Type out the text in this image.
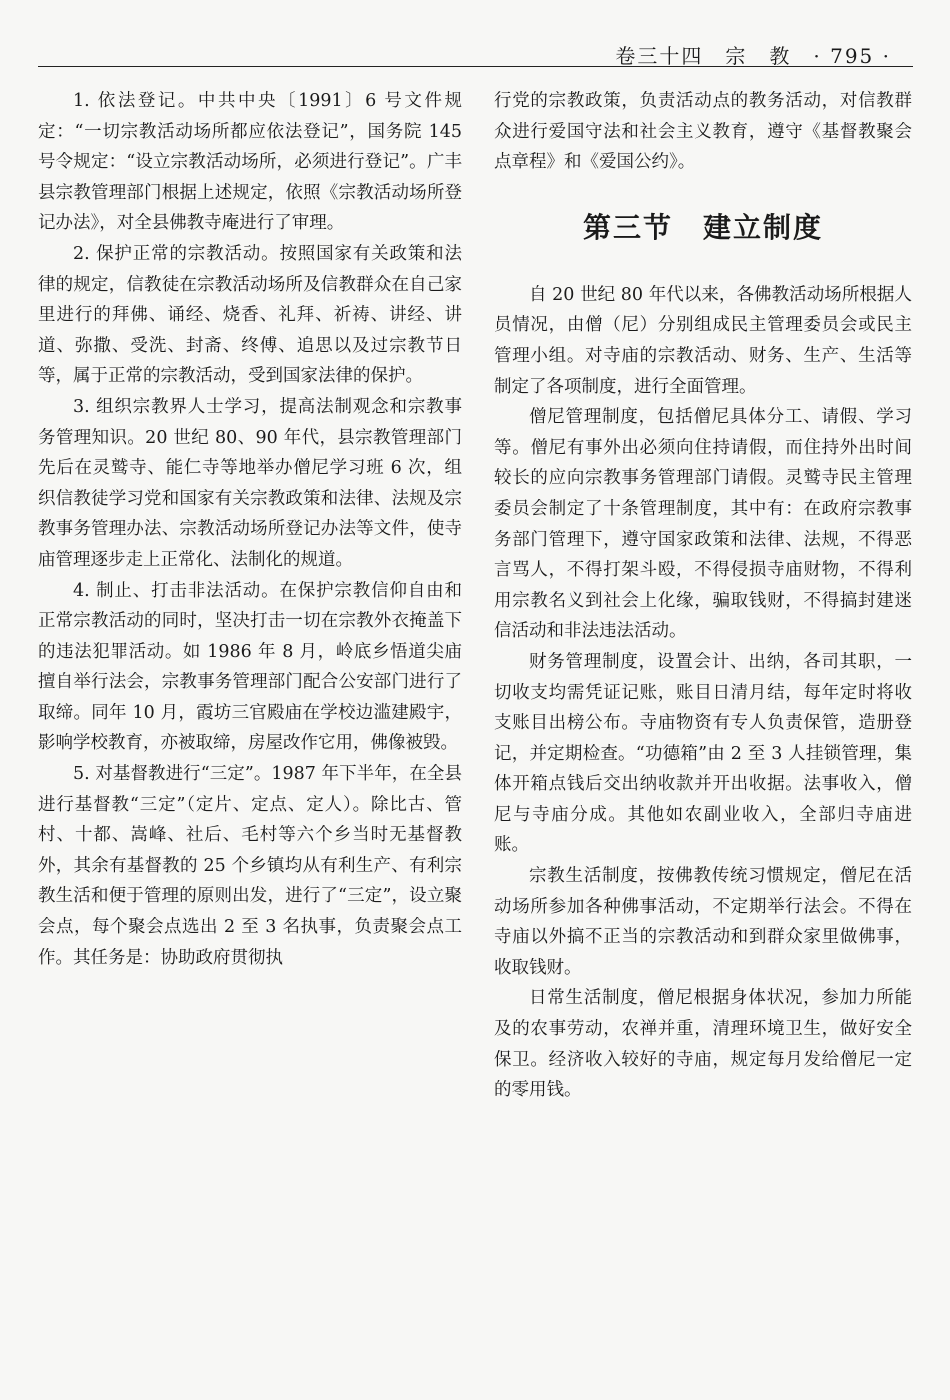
卷三十四　宗　教　· 795 ·

1. 依法登记。中共中央〔1991〕6 号文件规定：“一切宗教活动场所都应依法登记”，国务院 145 号令规定：“设立宗教活动场所，必须进行登记”。广丰县宗教管理部门根据上述规定，依照《宗教活动场所登记办法》，对全县佛教寺庵进行了审理。

2. 保护正常的宗教活动。按照国家有关政策和法律的规定，信教徒在宗教活动场所及信教群众在自己家里进行的拜佛、诵经、烧香、礼拜、祈祷、讲经、讲道、弥撒、受洗、封斋、终傅、追思以及过宗教节日等，属于正常的宗教活动，受到国家法律的保护。

3. 组织宗教界人士学习，提高法制观念和宗教事务管理知识。20 世纪 80、90 年代，县宗教管理部门先后在灵鹫寺、能仁寺等地举办僧尼学习班 6 次，组织信教徒学习党和国家有关宗教政策和法律、法规及宗教事务管理办法、宗教活动场所登记办法等文件，使寺庙管理逐步走上正常化、法制化的规道。

4. 制止、打击非法活动。在保护宗教信仰自由和正常宗教活动的同时，坚决打击一切在宗教外衣掩盖下的违法犯罪活动。如 1986 年 8 月，岭底乡悟道尖庙擅自举行法会，宗教事务管理部门配合公安部门进行了取缔。同年 10 月，霞坊三官殿庙在学校边滥建殿宇，影响学校教育，亦被取缔，房屋改作它用，佛像被毁。

5. 对基督教进行“三定”。1987 年下半年，在全县进行基督教“三定”（定片、定点、定人）。除比古、管村、十都、嵩峰、社后、毛村等六个乡当时无基督教外，其余有基督教的 25 个乡镇均从有利生产、有利宗教生活和便于管理的原则出发，进行了“三定”，设立聚会点，每个聚会点选出 2 至 3 名执事，负责聚会点工作。其任务是：协助政府贯彻执

行党的宗教政策，负责活动点的教务活动，对信教群众进行爱国守法和社会主义教育，遵守《基督教聚会点章程》和《爱国公约》。

第三节　建立制度

自 20 世纪 80 年代以来，各佛教活动场所根据人员情况，由僧（尼）分别组成民主管理委员会或民主管理小组。对寺庙的宗教活动、财务、生产、生活等制定了各项制度，进行全面管理。

僧尼管理制度，包括僧尼具体分工、请假、学习等。僧尼有事外出必须向住持请假，而住持外出时间较长的应向宗教事务管理部门请假。灵鹫寺民主管理委员会制定了十条管理制度，其中有：在政府宗教事务部门管理下，遵守国家政策和法律、法规，不得恶言骂人，不得打架斗殴，不得侵损寺庙财物，不得利用宗教名义到社会上化缘，骗取钱财，不得搞封建迷信活动和非法违法活动。

财务管理制度，设置会计、出纳，各司其职，一切收支均需凭证记账，账目日清月结，每年定时将收支账目出榜公布。寺庙物资有专人负责保管，造册登记，并定期检查。“功德箱”由 2 至 3 人挂锁管理，集体开箱点钱后交出纳收款并开出收据。法事收入，僧尼与寺庙分成。其他如农副业收入，全部归寺庙进账。

宗教生活制度，按佛教传统习惯规定，僧尼在活动场所参加各种佛事活动，不定期举行法会。不得在寺庙以外搞不正当的宗教活动和到群众家里做佛事，收取钱财。

日常生活制度，僧尼根据身体状况，参加力所能及的农事劳动，农禅并重，清理环境卫生，做好安全保卫。经济收入较好的寺庙，规定每月发给僧尼一定的零用钱。
